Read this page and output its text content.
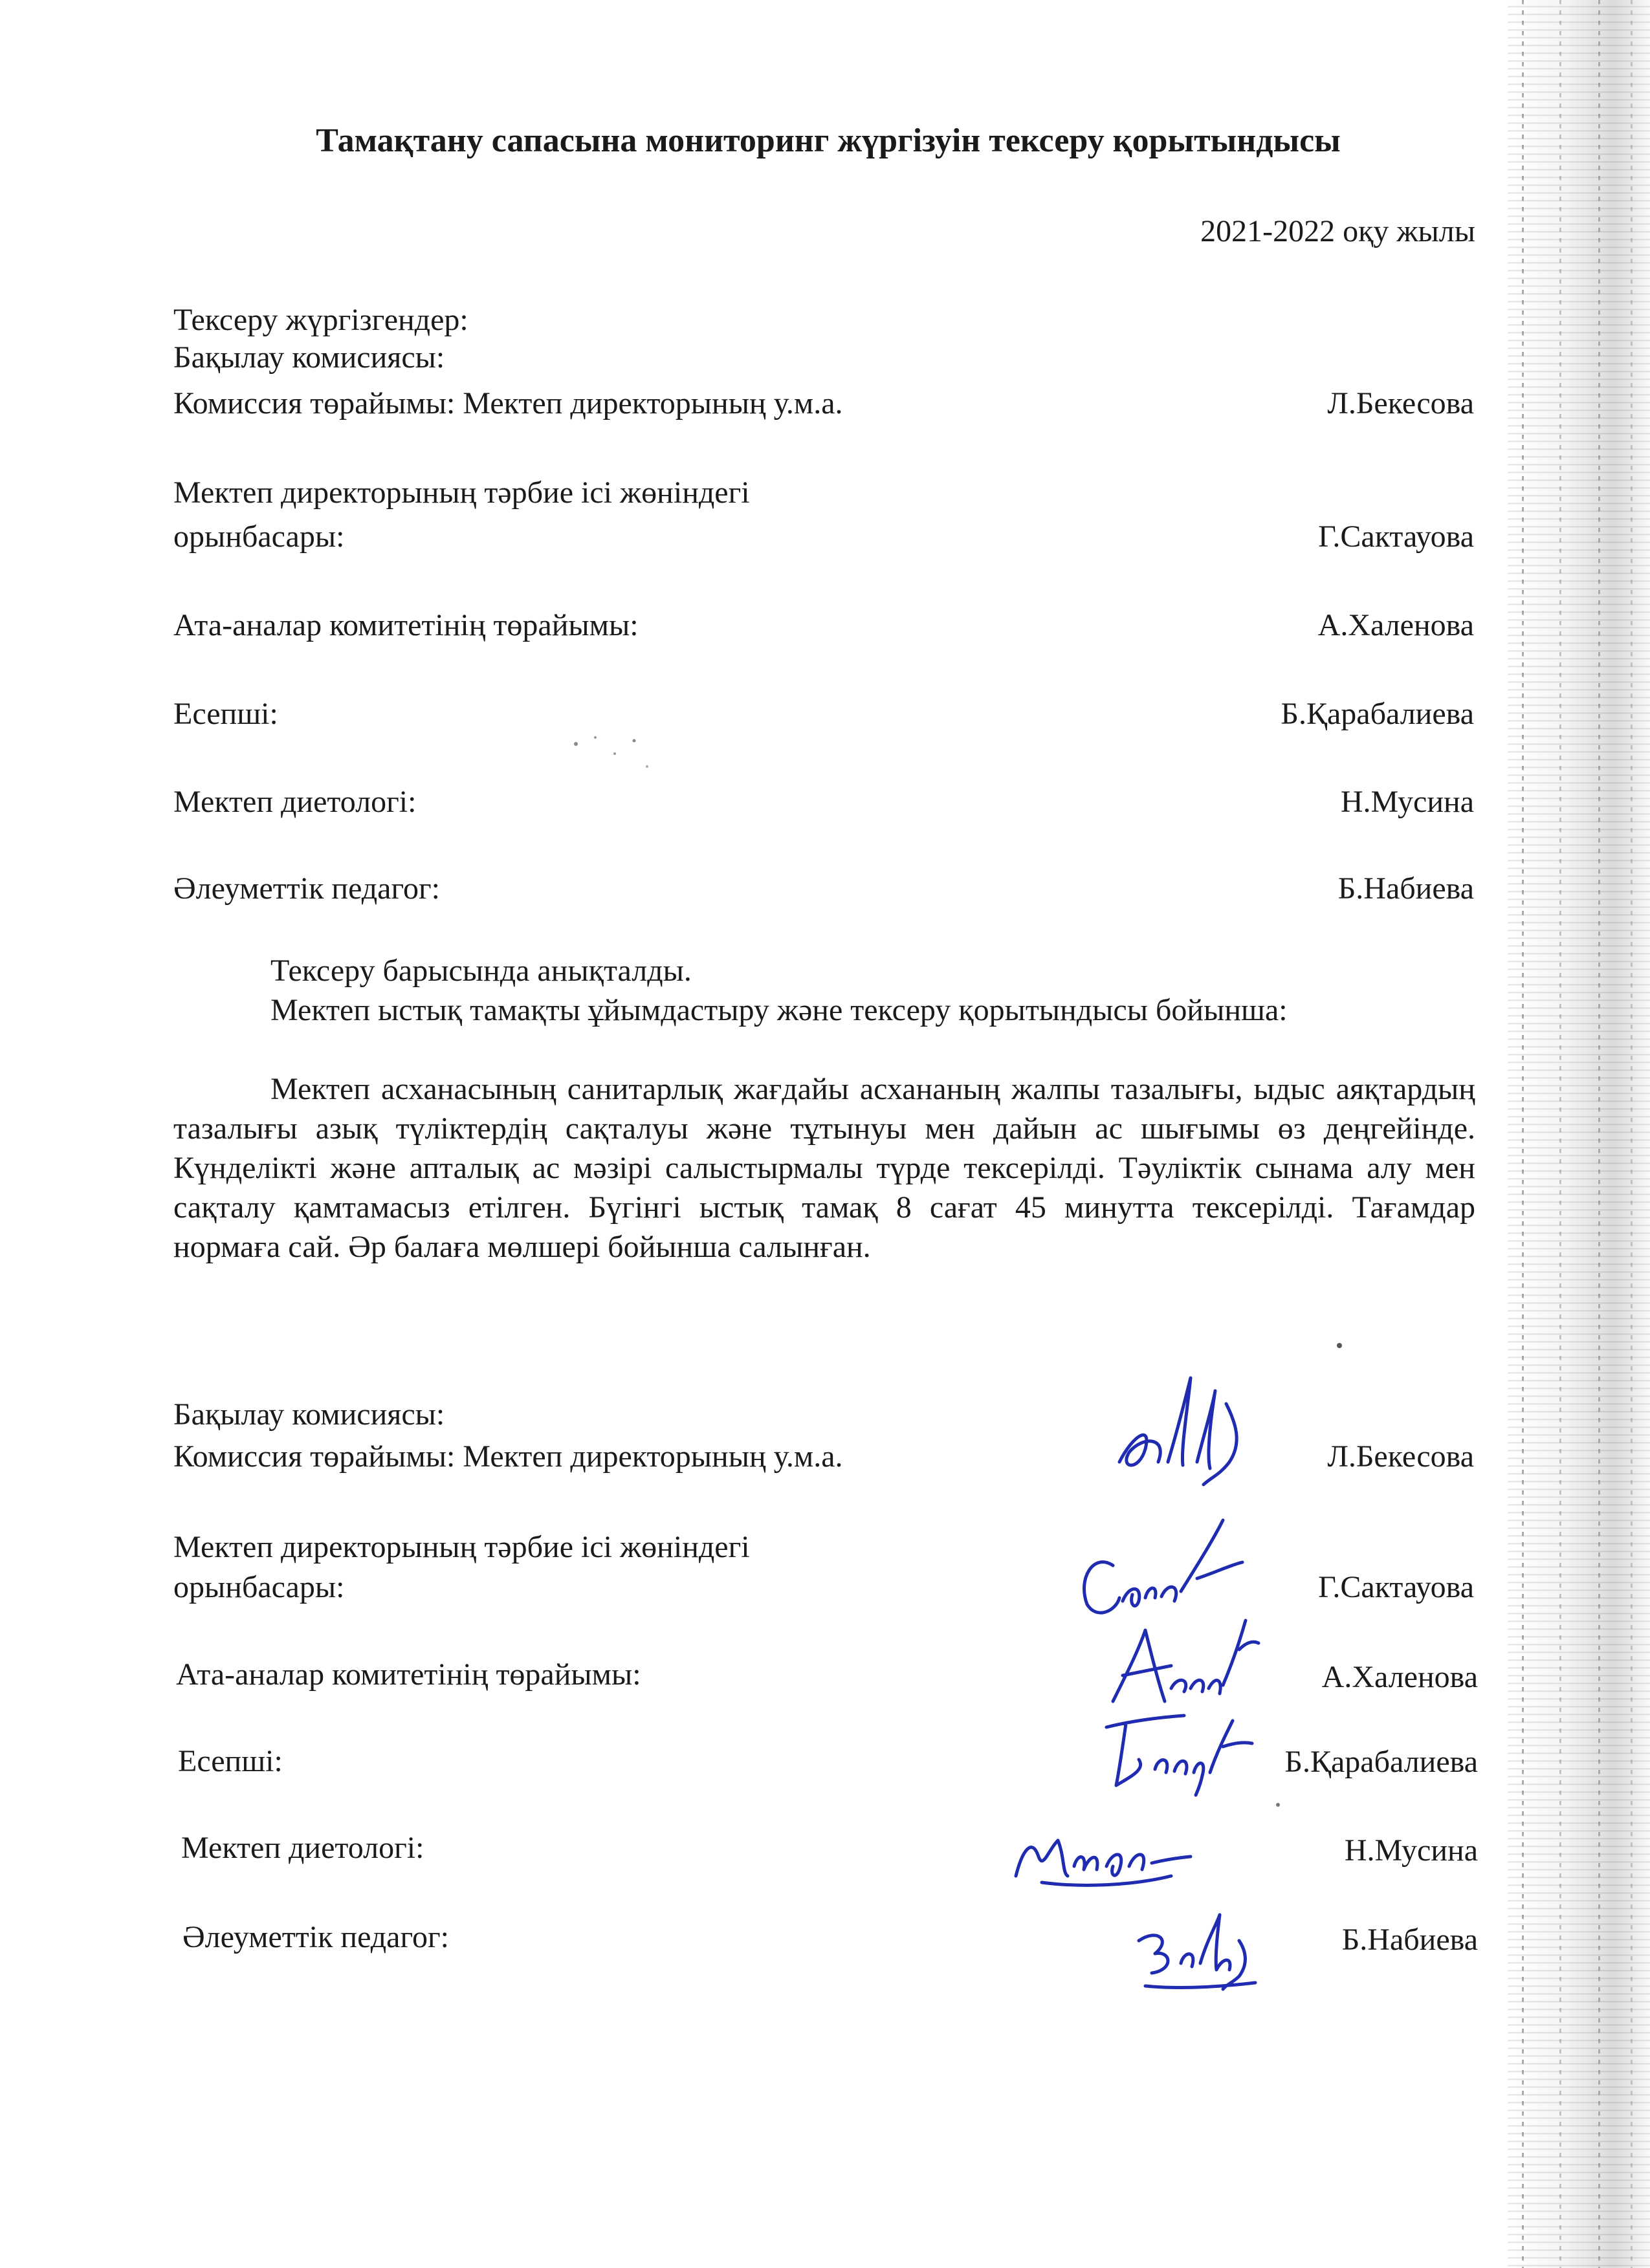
Тамақтану сапасына мониторинг жүргізуін тексеру қорытындысы
2021-2022 оқу жылы
Тексеру жүргізгендер:
Бақылау комисиясы:
Комиссия төрайымы: Мектеп директорының у.м.а.	Л.Бекесова
Мектеп директорының тәрбие ісі жөніндегі
орынбасары:	Г.Сактауова
Ата-аналар комитетінің төрайымы:	А.Халенова
Есепші:	Б.Қарабалиева
Мектеп диетологі:	Н.Мусина
Әлеуметтік педагог:	Б.Набиева
Тексеру барысында анықталды.
Мектеп ыстық тамақты ұйымдастыру және тексеру қорытындысы бойынша:
Мектеп асханасының санитарлық жағдайы асхананың жалпы тазалығы, ыдыс аяқтардың тазалығы азық түліктердің сақталуы және тұтынуы мен дайын ас шығымы өз деңгейінде. Күнделікті және апталық ас мәзірі салыстырмалы түрде тексерілді. Тәуліктік сынама алу мен сақталу қамтамасыз етілген. Бүгінгі ыстық тамақ 8 сағат 45 минутта тексерілді. Тағамдар нормаға сай. Әр балаға мөлшері бойынша салынған.
Бақылау комисиясы:
Комиссия төрайымы: Мектеп директорының у.м.а.	Л.Бекесова
Мектеп директорының тәрбие ісі жөніндегі
орынбасары:	Г.Сактауова
Ата-аналар комитетінің төрайымы:	А.Халенова
Есепші:	Б.Қарабалиева
Мектеп диетологі:	Н.Мусина
Әлеуметтік педагог:	Б.Набиева
